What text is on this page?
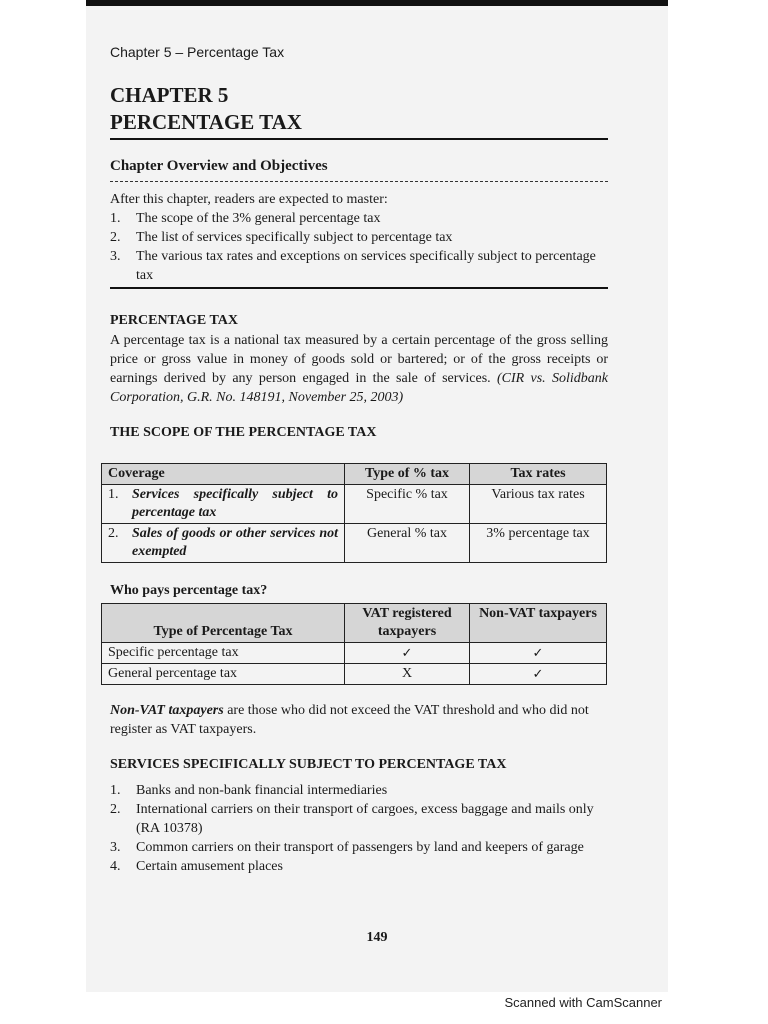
Chapter 5 – Percentage Tax

CHAPTER 5

PERCENTAGE TAX

Chapter Overview and Objectives

After this chapter, readers are expected to master:

1.	The scope of the 3% general percentage tax
2.	The list of services specifically subject to percentage tax
3.	The various tax rates and exceptions on services specifically subject to percentage tax

PERCENTAGE TAX

A percentage tax is a national tax measured by a certain percentage of the gross selling price or gross value in money of goods sold or bartered; or of the gross receipts or earnings derived by any person engaged in the sale of services. (CIR vs. Solidbank Corporation, G.R. No. 148191, November 25, 2003)

THE SCOPE OF THE PERCENTAGE TAX

Coverage	Type of % tax	Tax rates

1. Services specifically subject to percentage tax	Specific % tax	Various tax rates

2. Sales of goods or other services not exempted	General % tax	3% percentage tax

Who pays percentage tax?

Type of Percentage Tax	VAT registered taxpayers	Non-VAT taxpayers
Specific percentage tax	✓	✓
General percentage tax	X	✓

Non-VAT taxpayers are those who did not exceed the VAT threshold and who did not register as VAT taxpayers.

SERVICES SPECIFICALLY SUBJECT TO PERCENTAGE TAX

1.	Banks and non-bank financial intermediaries
2.	International carriers on their transport of cargoes, excess baggage and mails only (RA 10378)
3.	Common carriers on their transport of passengers by land and keepers of garage
4.	Certain amusement places
149
Scanned with CamScanner
